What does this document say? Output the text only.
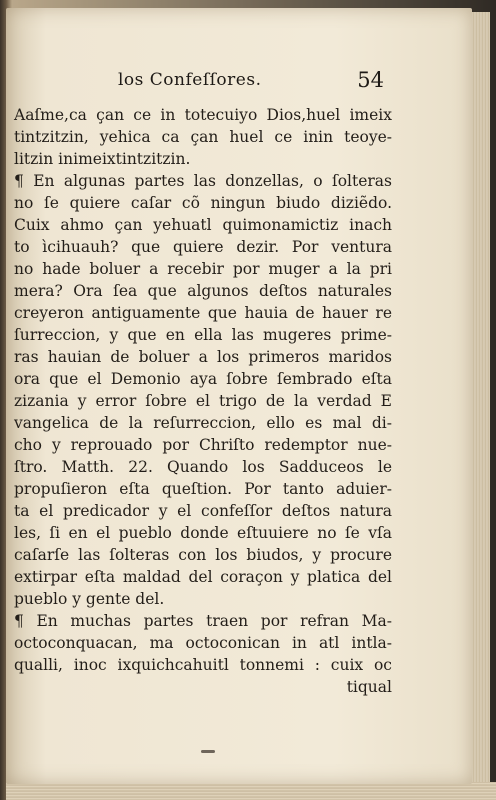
los Confeſſores.	54
Aaſme,ca çan ce in totecuiyo Dios,huel imeix
tintzitzin, yehica ca çan huel ce inin teoye-
litzin inimeixtintzitzin.
¶ En algunas partes las donzellas, o ſolteras
no ſe quiere caſar cõ ningun biudo diziẽdo.
Cuix ahmo çan yehuatl quimonamictiz inach
to ìcihuauh? que quiere dezir. Por ventura
no hade boluer a recebir por muger a la pri
mera? Ora ſea que algunos deſtos naturales
creyeron antiguamente que hauia de hauer re
ſurreccion, y que en ella las mugeres prime-
ras hauian de boluer a los primeros maridos
ora que el Demonio aya ſobre ſembrado eſta
zizania y error ſobre el trigo de la verdad E
vangelica de la reſurreccion, ello es mal di-
cho y reprouado por Chriſto redemptor nue-
ſtro. Matth. 22. Quando los Sadduceos le
propuſieron eſta queſtion. Por tanto aduier-
ta el predicador y el confeſſor deſtos natura
les, ſi en el pueblo donde eſtuuiere no ſe vſa
caſarſe las ſolteras con los biudos, y procure
extirpar eſta maldad del coraçon y platica del
pueblo y gente del.
¶ En muchas partes traen por refran Ma-
octoconquacan, ma octoconican in atl intla-
qualli, inoc ixquichcahuitl tonnemi : cuix oc
tiqual
